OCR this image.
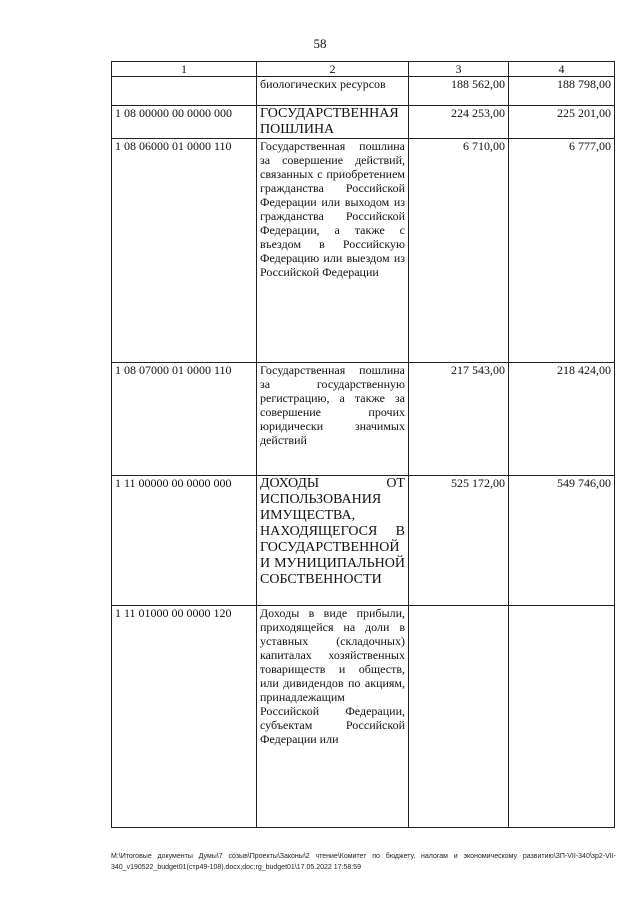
58
1	2	3	4
	биологических ресурсов	188 562,00	188 798,00
1 08 00000 00 0000 000	ГОСУДАРСТВЕННАЯ ПОШЛИНА	224 253,00	225 201,00
1 08 06000 01 0000 110	Государственная пошлина за совершение действий, связанных с приобретением гражданства Российской Федерации или выходом из гражданства Российской Федерации, а также с въездом в Российскую Федерацию или выездом из Российской Федерации	6 710,00	6 777,00
1 08 07000 01 0000 110	Государственная пошлина за государственную регистрацию, а также за совершение прочих юридически значимых действий	217 543,00	218 424,00
1 11 00000 00 0000 000	ДОХОДЫ ОТ ИСПОЛЬЗОВАНИЯ ИМУЩЕСТВА, НАХОДЯЩЕГОСЯ В ГОСУДАРСТВЕННОЙ И МУНИЦИПАЛЬНОЙ СОБСТВЕННОСТИ	525 172,00	549 746,00
1 11 01000 00 0000 120	Доходы в виде прибыли, приходящейся на доли в уставных (складочных) капиталах хозяйственных товариществ и обществ, или дивидендов по акциям, принадлежащим Российской Федерации, субъектам Российской Федерации или		
M:\Итоговые документы Думы\7 созыв\Проекты\Законы\2 чтение\Комитет по бюджету, налогам и экономическому развитию\ЗП-VII-340\зр2-VII-340_v190522_budget01(стр49-108).docx;doc;rg_budget01\17.05.2022 17:58:59
